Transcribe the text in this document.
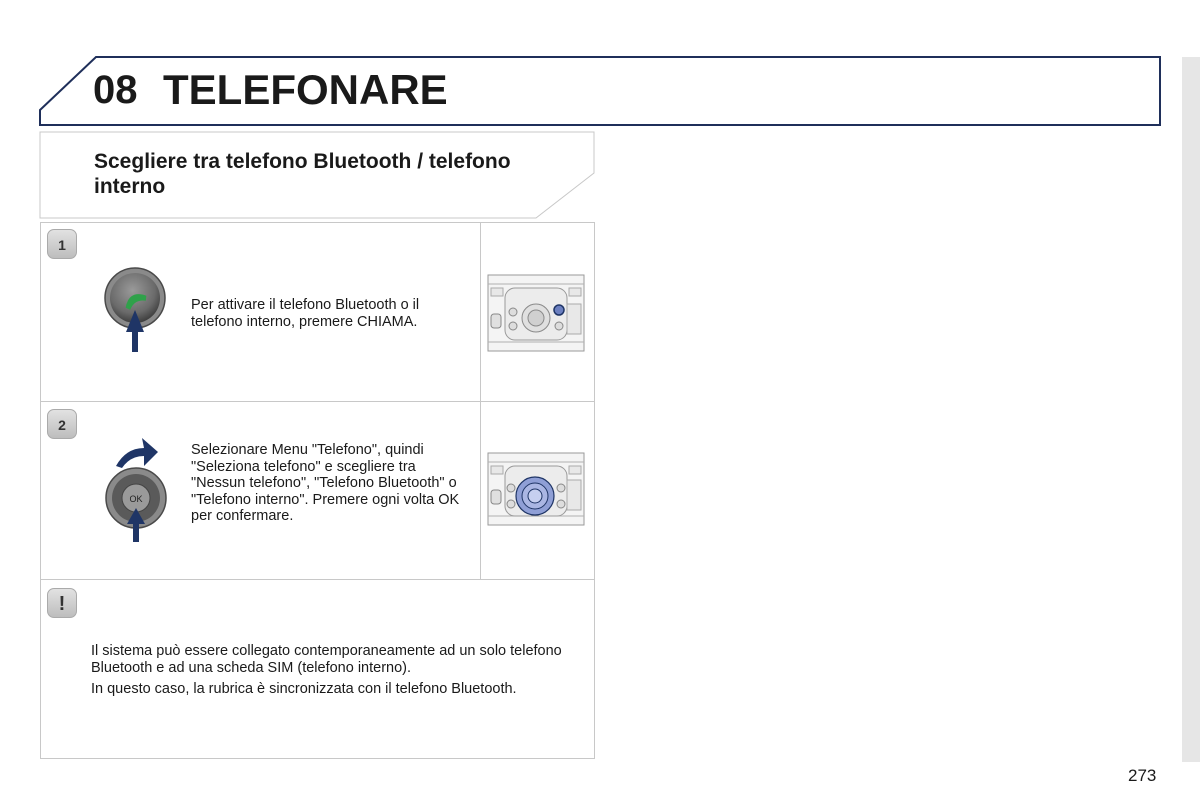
08 TELEFONARE
Scegliere tra telefono Bluetooth / telefono interno
1
Per attivare il telefono Bluetooth o il telefono interno, premere CHIAMA.
2
OK
Selezionare Menu "Telefono", quindi "Seleziona telefono" e scegliere tra "Nessun telefono", "Telefono Bluetooth" o "Telefono interno". Premere ogni volta OK per confermare.
!

Il sistema può essere collegato contemporaneamente ad un solo telefono Bluetooth e ad una scheda SIM (telefono interno).

In questo caso, la rubrica è sincronizzata con il telefono Bluetooth.

273
